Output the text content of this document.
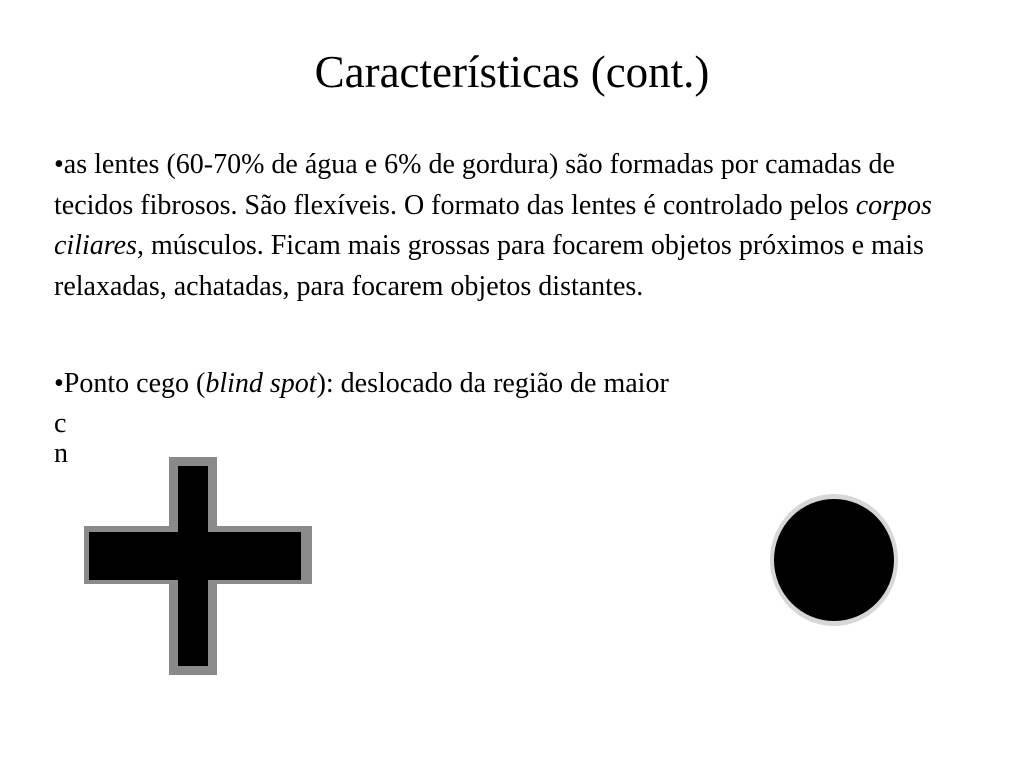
Características (cont.)

•as lentes (60-70% de água e 6% de gordura) são formadas por camadas de tecidos fibrosos. São flexíveis. O formato das lentes é controlado pelos corpos ciliares, músculos. Ficam mais grossas para focarem objetos próximos e mais relaxadas, achatadas, para focarem objetos distantes.

•Ponto cego (blind spot): deslocado da região de maior

c

n
